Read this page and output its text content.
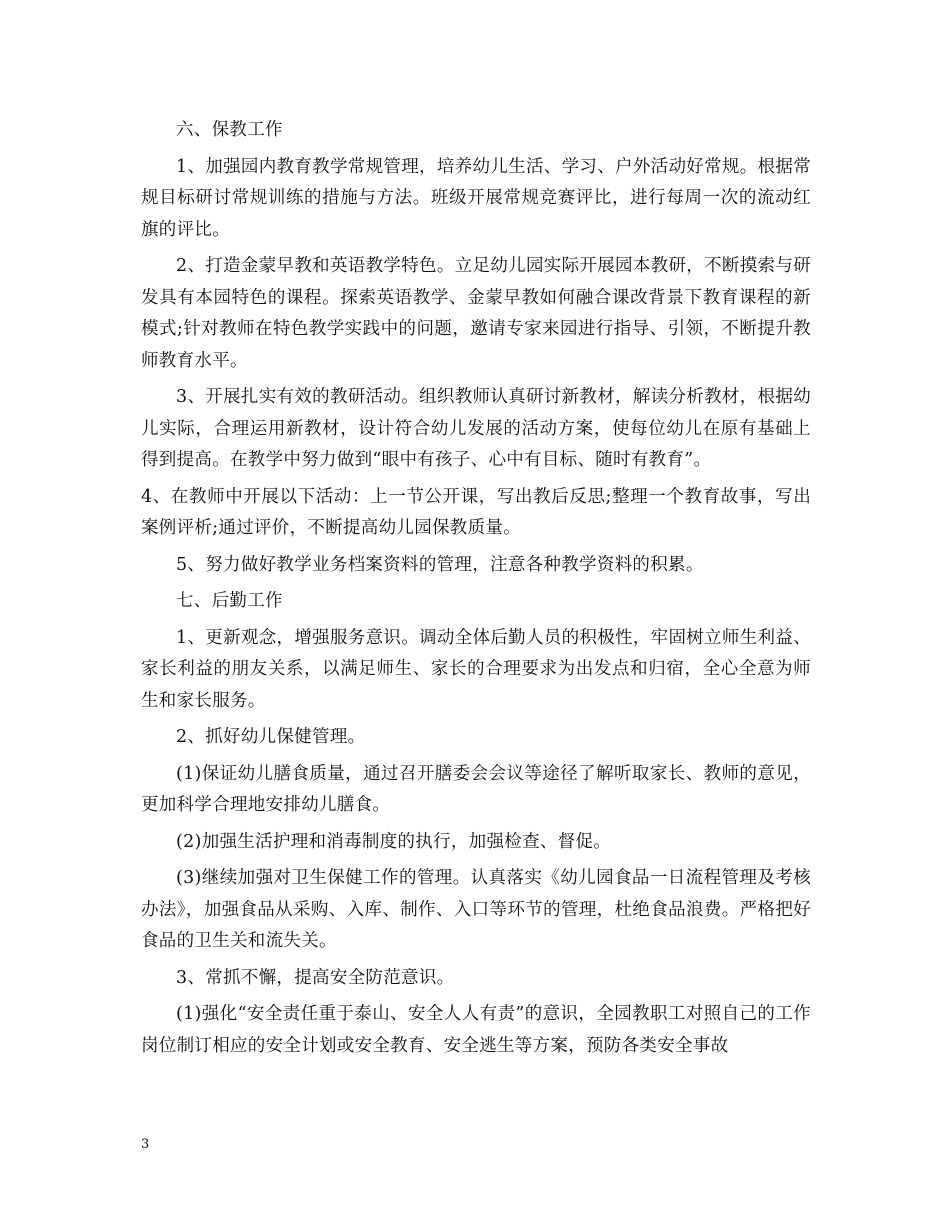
六、保教工作

1、加强园内教育教学常规管理，培养幼儿生活、学习、户外活动好常规。根据常规目标研讨常规训练的措施与方法。班级开展常规竞赛评比，进行每周一次的流动红旗的评比。

2、打造金蒙早教和英语教学特色。立足幼儿园实际开展园本教研，不断摸索与研发具有本园特色的课程。探索英语教学、金蒙早教如何融合课改背景下教育课程的新模式;针对教师在特色教学实践中的问题，邀请专家来园进行指导、引领，不断提升教师教育水平。

3、开展扎实有效的教研活动。组织教师认真研讨新教材，解读分析教材，根据幼儿实际，合理运用新教材，设计符合幼儿发展的活动方案，使每位幼儿在原有基础上得到提高。在教学中努力做到“眼中有孩子、心中有目标、随时有教育”。

4、在教师中开展以下活动：上一节公开课，写出教后反思;整理一个教育故事，写出案例评析;通过评价，不断提高幼儿园保教质量。

5、努力做好教学业务档案资料的管理，注意各种教学资料的积累。

七、后勤工作

1、更新观念，增强服务意识。调动全体后勤人员的积极性，牢固树立师生利益、家长利益的朋友关系，以满足师生、家长的合理要求为出发点和归宿，全心全意为师生和家长服务。

2、抓好幼儿保健管理。

(1)保证幼儿膳食质量，通过召开膳委会会议等途径了解听取家长、教师的意见，更加科学合理地安排幼儿膳食。

(2)加强生活护理和消毒制度的执行，加强检查、督促。

(3)继续加强对卫生保健工作的管理。认真落实《幼儿园食品一日流程管理及考核办法》，加强食品从采购、入库、制作、入口等环节的管理，杜绝食品浪费。严格把好食品的卫生关和流失关。

3、常抓不懈，提高安全防范意识。

(1)强化“安全责任重于泰山、安全人人有责”的意识，全园教职工对照自己的工作岗位制订相应的安全计划或安全教育、安全逃生等方案，预防各类安全事故

3
